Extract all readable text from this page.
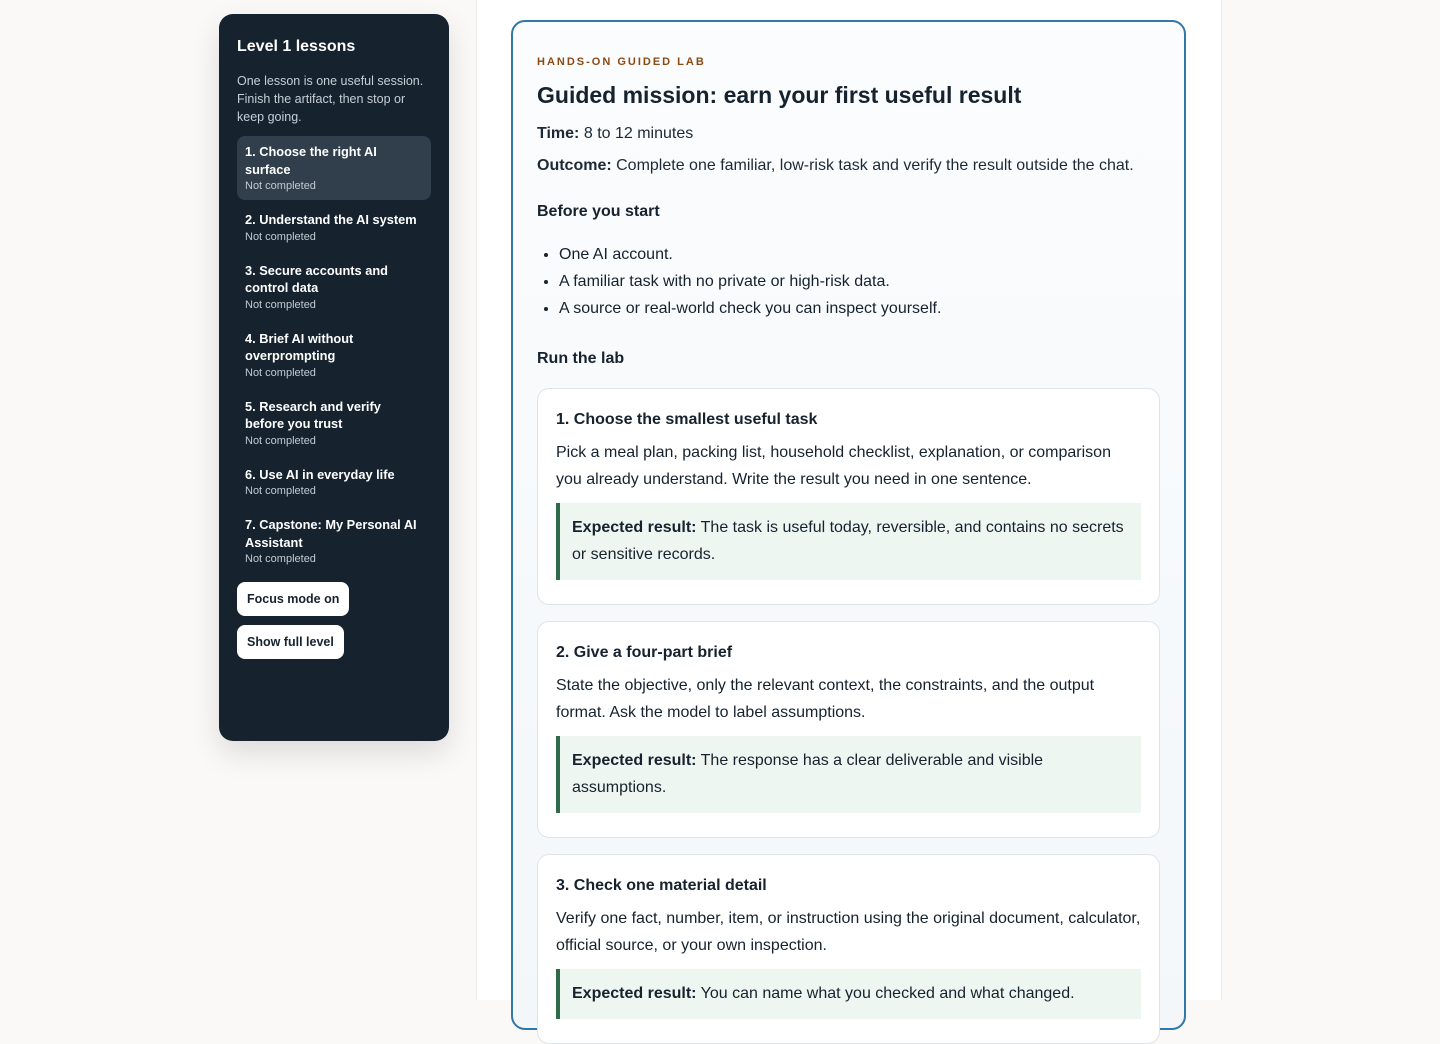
Level 1 lessons

One lesson is one useful session. Finish the artifact, then stop or keep going.

1. Choose the right AI surface
Not completed
2. Understand the AI system
Not completed
3. Secure accounts and control data
Not completed
4. Brief AI without overprompting
Not completed
5. Research and verify before you trust
Not completed
6. Use AI in everyday life
Not completed
7. Capstone: My Personal AI Assistant
Not completed
Focus mode on
Show full level
HANDS-ON GUIDED LAB
Guided mission: earn your first useful result

Time: 8 to 12 minutes

Outcome: Complete one familiar, low-risk task and verify the result outside the chat.

Before you start
• One AI account.
• A familiar task with no private or high-risk data.
• A source or real-world check you can inspect yourself.
Run the lab
1. Choose the smallest useful task

Pick a meal plan, packing list, household checklist, explanation, or comparison you already understand. Write the result you need in one sentence.

Expected result: The task is useful today, reversible, and contains no secrets or sensitive records.
2. Give a four-part brief

State the objective, only the relevant context, the constraints, and the output format. Ask the model to label assumptions.

Expected result: The response has a clear deliverable and visible assumptions.
3. Check one material detail

Verify one fact, number, item, or instruction using the original document, calculator, official source, or your own inspection.

Expected result: You can name what you checked and what changed.
